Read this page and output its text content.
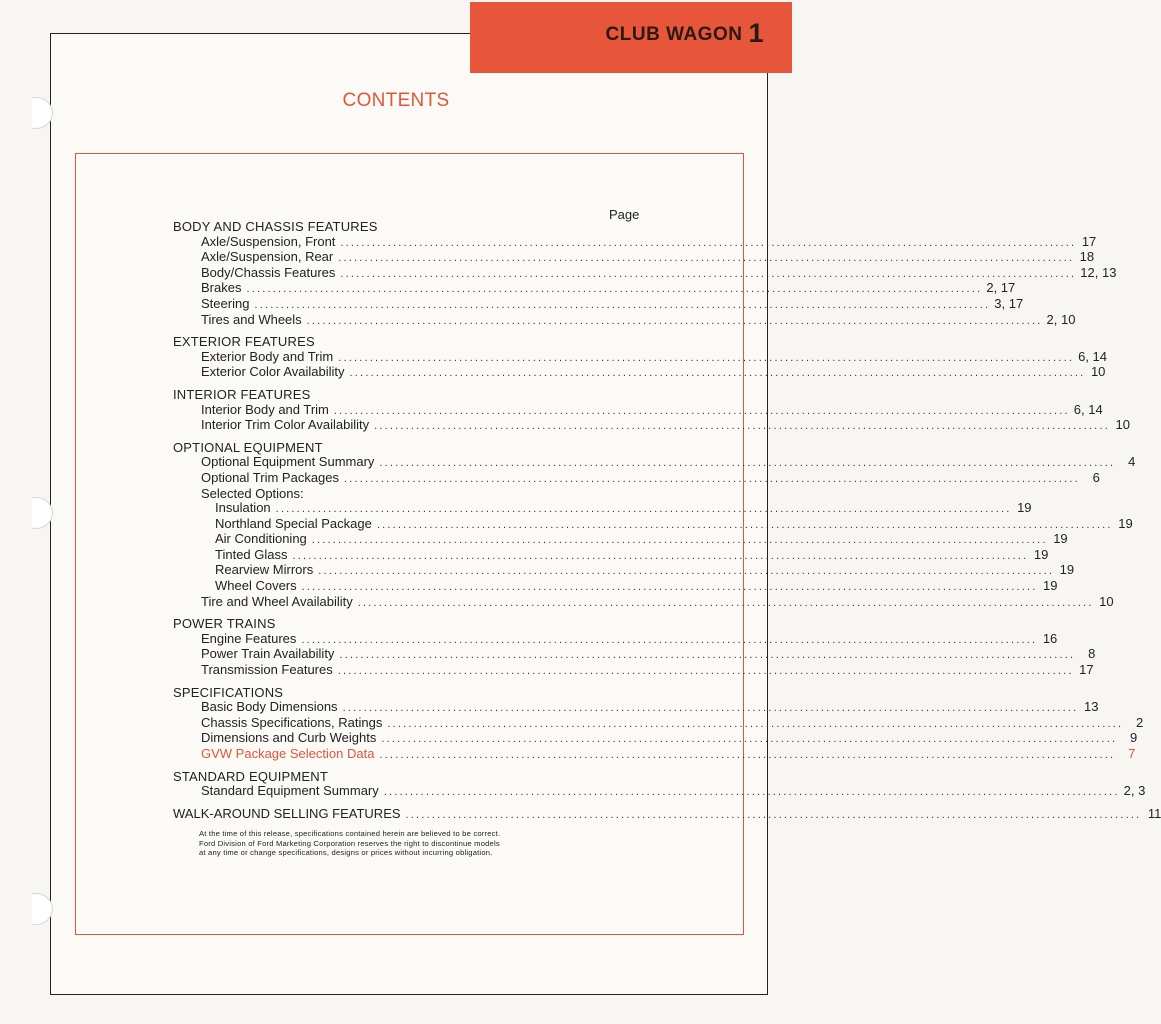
CLUB WAGON 1
CONTENTS
Page
BODY AND CHASSIS FEATURES
Axle/Suspension, Front ............................................................................................................................................ 17
Axle/Suspension, Rear ............................................................................................................................................ 18
Body/Chassis Features ............................................................................................................................................ 12, 13
Brakes ............................................................................................................................................ 2, 17
Steering ............................................................................................................................................ 3, 17
Tires and Wheels ............................................................................................................................................ 2, 10
EXTERIOR FEATURES
Exterior Body and Trim ............................................................................................................................................ 6, 14
Exterior Color Availability ............................................................................................................................................ 10
INTERIOR FEATURES
Interior Body and Trim ............................................................................................................................................ 6, 14
Interior Trim Color Availability ............................................................................................................................................ 10
OPTIONAL EQUIPMENT
Optional Equipment Summary ............................................................................................................................................ 4
Optional Trim Packages ............................................................................................................................................ 6
Selected Options:
Insulation ............................................................................................................................................ 19
Northland Special Package ............................................................................................................................................ 19
Air Conditioning ............................................................................................................................................ 19
Tinted Glass ............................................................................................................................................ 19
Rearview Mirrors ............................................................................................................................................ 19
Wheel Covers ............................................................................................................................................ 19
Tire and Wheel Availability ............................................................................................................................................ 10
POWER TRAINS
Engine Features ............................................................................................................................................ 16
Power Train Availability ............................................................................................................................................ 8
Transmission Features ............................................................................................................................................ 17
SPECIFICATIONS
Basic Body Dimensions ............................................................................................................................................ 13
Chassis Specifications, Ratings ............................................................................................................................................ 2
Dimensions and Curb Weights ............................................................................................................................................ 9
GVW Package Selection Data ............................................................................................................................................ 7
STANDARD EQUIPMENT
Standard Equipment Summary ............................................................................................................................................ 2, 3
WALK-AROUND SELLING FEATURES ............................................................................................................................................ 11
At the time of this release, specifications contained herein are believed to be correct.
Ford Division of Ford Marketing Corporation reserves the right to discontinue models
at any time or change specifications, designs or prices without incurring obligation.
